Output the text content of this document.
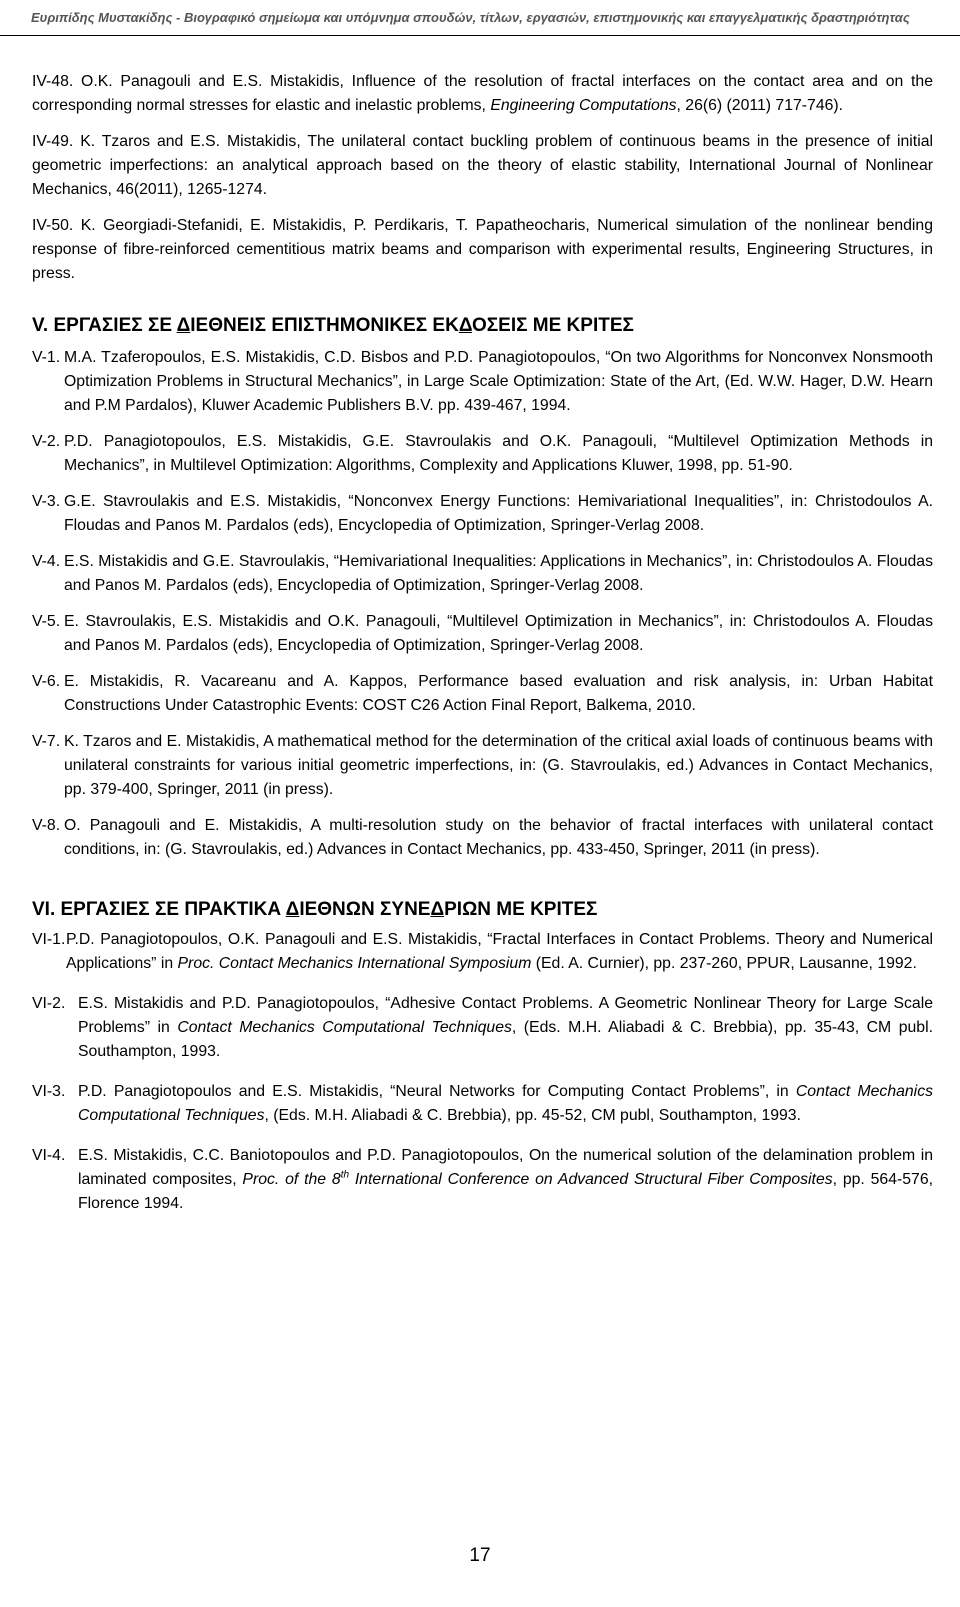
Ευριπίδης Μυστακίδης - Βιογραφικό σημείωμα και υπόμνημα σπουδών, τίτλων, εργασιών, επιστημονικής και επαγγελματικής δραστηριότητας

IV-48. O.K. Panagouli and E.S. Mistakidis, Influence of the resolution of fractal interfaces on the contact area and on the corresponding normal stresses for elastic and inelastic problems, Engineering Computations, 26(6) (2011) 717-746).

IV-49. K. Tzaros and E.S. Mistakidis, The unilateral contact buckling problem of continuous beams in the presence of initial geometric imperfections: an analytical approach based on the theory of elastic stability, International Journal of Nonlinear Mechanics, 46(2011), 1265-1274.

IV-50. K. Georgiadi-Stefanidi, E. Mistakidis, P. Perdikaris, T. Papatheocharis, Numerical simulation of the nonlinear bending response of fibre-reinforced cementitious matrix beams and comparison with experimental results, Engineering Structures, in press.

V. ΕΡΓΑΣΙΕΣ ΣΕ ΔΙΕΘΝΕΙΣ ΕΠΙΣΤΗΜΟΝΙΚΕΣ ΕΚΔΟΣΕΙΣ ΜΕ ΚΡΙΤΕΣ

V-1. M.A. Tzaferopoulos, E.S. Mistakidis, C.D. Bisbos and P.D. Panagiotopoulos, “On two Algorithms for Nonconvex Nonsmooth Optimization Problems in Structural Mechanics”, in Large Scale Optimization: State of the Art, (Ed. W.W. Hager, D.W. Hearn and P.M Pardalos), Kluwer Academic Publishers B.V. pp. 439-467, 1994.
V-2. P.D. Panagiotopoulos, E.S. Mistakidis, G.E. Stavroulakis and O.K. Panagouli, “Multilevel Optimization Methods in Mechanics”, in Multilevel Optimization: Algorithms, Complexity and Applications Kluwer, 1998, pp. 51-90.
V-3. G.E. Stavroulakis and E.S. Mistakidis, “Nonconvex Energy Functions: Hemivariational Inequalities”, in: Christodoulos A. Floudas and Panos M. Pardalos (eds), Encyclopedia of Optimization, Springer-Verlag 2008.
V-4. E.S. Mistakidis and G.E. Stavroulakis, “Hemivariational Inequalities: Applications in Mechanics”, in: Christodoulos A. Floudas and Panos M. Pardalos (eds), Encyclopedia of Optimization, Springer-Verlag 2008.
V-5. E. Stavroulakis, E.S. Mistakidis and O.K. Panagouli, “Multilevel Optimization in Mechanics”, in: Christodoulos A. Floudas and Panos M. Pardalos (eds), Encyclopedia of Optimization, Springer-Verlag 2008.
V-6. E. Mistakidis, R. Vacareanu and A. Kappos, Performance based evaluation and risk analysis, in: Urban Habitat Constructions Under Catastrophic Events: COST C26 Action Final Report, Balkema, 2010.
V-7. K. Tzaros and E. Mistakidis, A mathematical method for the determination of the critical axial loads of continuous beams with unilateral constraints for various initial geometric imperfections, in: (G. Stavroulakis, ed.) Advances in Contact Mechanics, pp. 379-400, Springer, 2011 (in press).
V-8. O. Panagouli and E. Mistakidis, A multi-resolution study on the behavior of fractal interfaces with unilateral contact conditions, in: (G. Stavroulakis, ed.) Advances in Contact Mechanics, pp. 433-450, Springer, 2011 (in press).

VI. ΕΡΓΑΣΙΕΣ ΣΕ ΠΡΑΚΤΙΚΑ ΔΙΕΘΝΩΝ ΣΥΝΕΔΡΙΩΝ ΜΕ ΚΡΙΤΕΣ

VI-1. P.D. Panagiotopoulos, O.K. Panagouli and E.S. Mistakidis, “Fractal Interfaces in Contact Problems. Theory and Numerical Applications” in Proc. Contact Mechanics International Symposium (Ed. A. Curnier), pp. 237-260, PPUR, Lausanne, 1992.
VI-2. E.S. Mistakidis and P.D. Panagiotopoulos, “Adhesive Contact Problems. A Geometric Nonlinear Theory for Large Scale Problems” in Contact Mechanics Computational Techniques, (Eds. M.H. Aliabadi & C. Brebbia), pp. 35-43, CM publ. Southampton, 1993.
VI-3. P.D. Panagiotopoulos and E.S. Mistakidis, “Neural Networks for Computing Contact Problems”, in Contact Mechanics Computational Techniques, (Eds. M.H. Aliabadi & C. Brebbia), pp. 45-52, CM publ, Southampton, 1993.
VI-4. E.S. Mistakidis, C.C. Baniotopoulos and P.D. Panagiotopoulos, On the numerical solution of the delamination problem in laminated composites, Proc. of the 8th International Conference on Advanced Structural Fiber Composites, pp. 564-576, Florence 1994.
17
